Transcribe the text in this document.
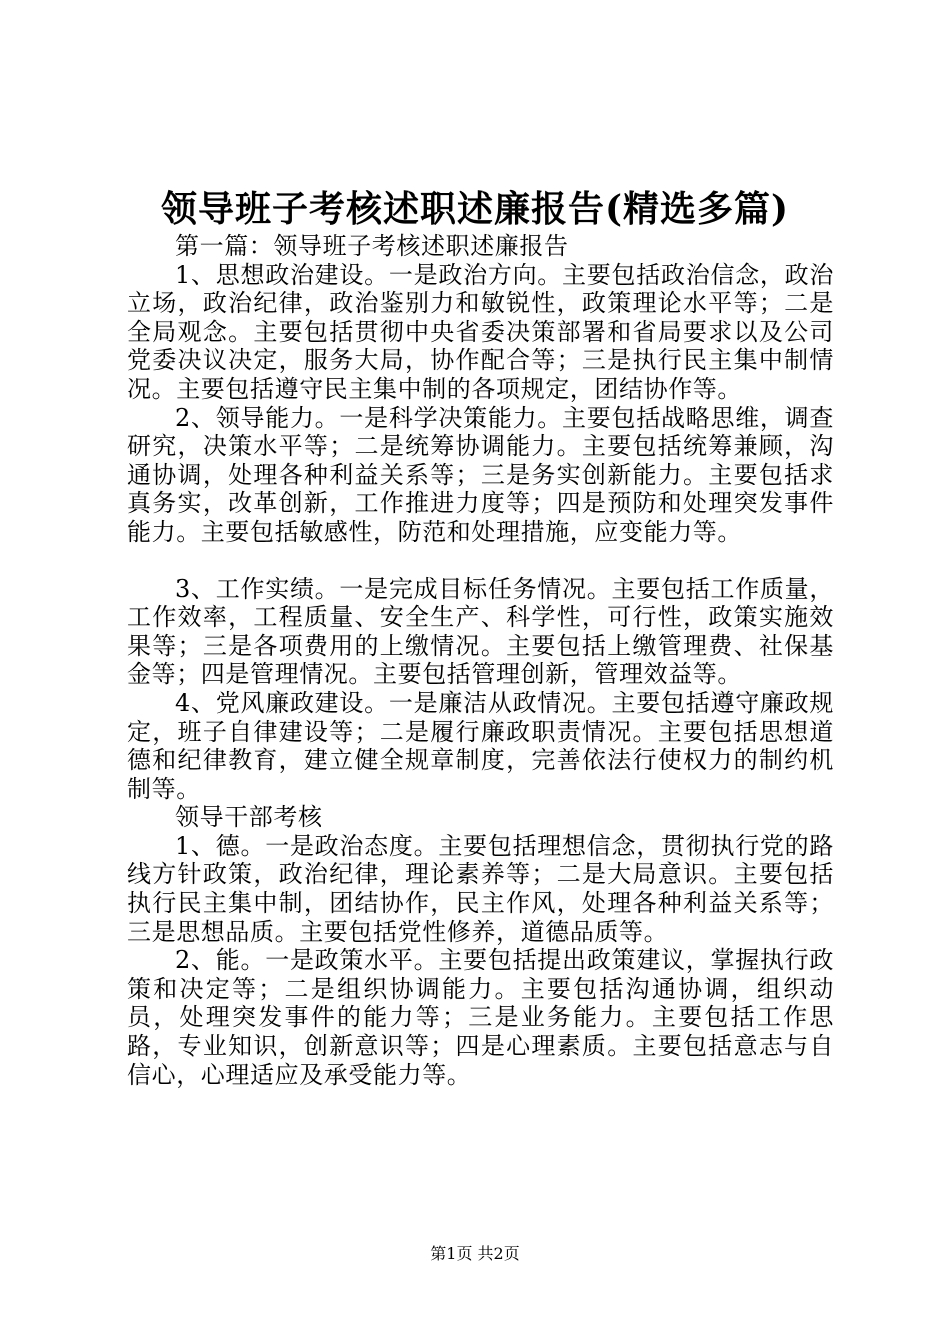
领导班子考核述职述廉报告(精选多篇)

第一篇：领导班子考核述职述廉报告

1、思想政治建设。一是政治方向。主要包括政治信念，政治立场，政治纪律，政治鉴别力和敏锐性，政策理论水平等；二是全局观念。主要包括贯彻中央省委决策部署和省局要求以及公司党委决议决定，服务大局，协作配合等；三是执行民主集中制情况。主要包括遵守民主集中制的各项规定，团结协作等。

2、领导能力。一是科学决策能力。主要包括战略思维，调查研究，决策水平等；二是统筹协调能力。主要包括统筹兼顾，沟通协调，处理各种利益关系等；三是务实创新能力。主要包括求真务实，改革创新，工作推进力度等；四是预防和处理突发事件能力。主要包括敏感性，防范和处理措施，应变能力等。

3、工作实绩。一是完成目标任务情况。主要包括工作质量，工作效率，工程质量、安全生产、科学性，可行性，政策实施效果等；三是各项费用的上缴情况。主要包括上缴管理费、社保基金等；四是管理情况。主要包括管理创新，管理效益等。

4、党风廉政建设。一是廉洁从政情况。主要包括遵守廉政规定，班子自律建设等；二是履行廉政职责情况。主要包括思想道德和纪律教育，建立健全规章制度，完善依法行使权力的制约机制等。

领导干部考核

1、德。一是政治态度。主要包括理想信念，贯彻执行党的路线方针政策，政治纪律，理论素养等；二是大局意识。主要包括执行民主集中制，团结协作，民主作风，处理各种利益关系等；三是思想品质。主要包括党性修养，道德品质等。

2、能。一是政策水平。主要包括提出政策建议，掌握执行政策和决定等；二是组织协调能力。主要包括沟通协调，组织动员，处理突发事件的能力等；三是业务能力。主要包括工作思路，专业知识，创新意识等；四是心理素质。主要包括意志与自信心，心理适应及承受能力等。

第1页 共2页
